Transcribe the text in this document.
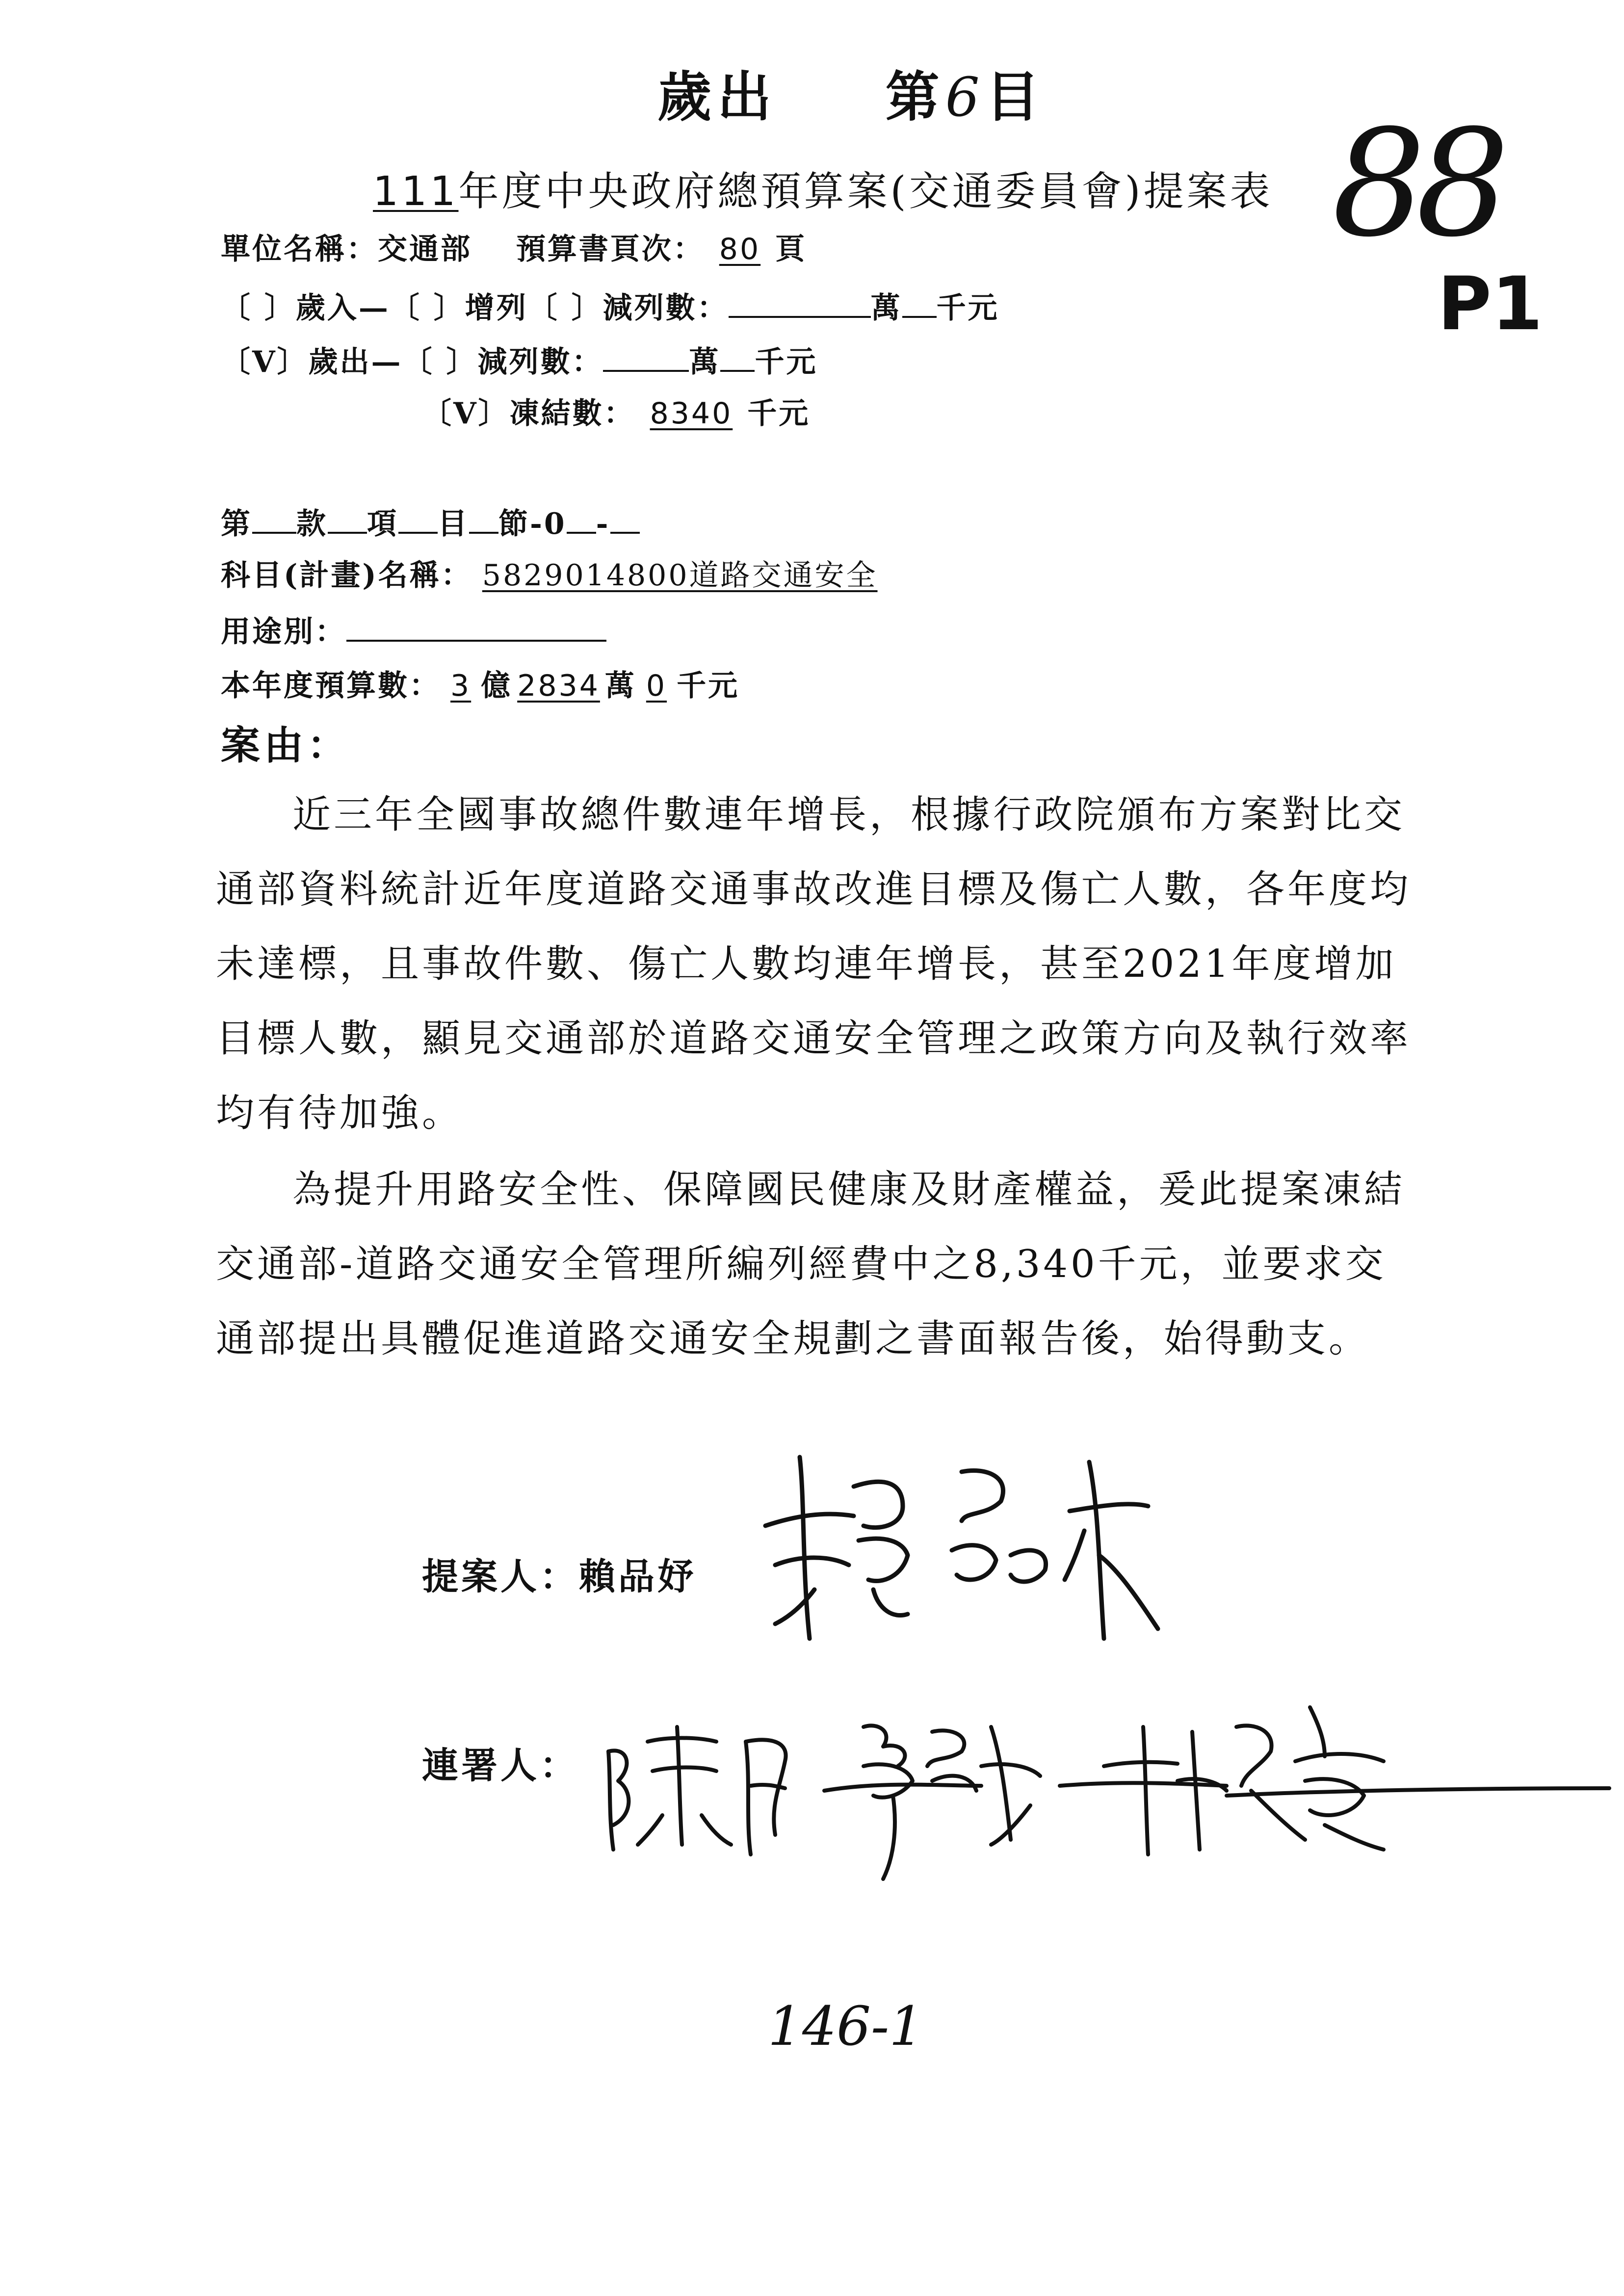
歲出 第6目
111年度中央政府總預算案(交通委員會)提案表 88
P1
單位名稱：交通部 預算書頁次： 80 頁
〔 〕歲入—〔 〕增列〔 〕減列數：	萬 千元
〔V〕歲出—〔 〕減列數：	萬 千元
〔V〕凍結數： 8340 千元
第 款 項 目 節-0 -
科目(計畫)名稱： 5829014800道路交通安全
用途別：
本年度預算數： 3 億 2834 萬 0 千元
案由：

近三年全國事故總件數連年增長，根據行政院頒布方案對比交通部資料統計近年度道路交通事故改進目標及傷亡人數，各年度均未達標，且事故件數、傷亡人數均連年增長，甚至2021年度增加目標人數，顯見交通部於道路交通安全管理之政策方向及執行效率均有待加強。

為提升用路安全性、保障國民健康及財產權益，爰此提案凍結交通部-道路交通安全管理所編列經費中之8,340千元，並要求交通部提出具體促進道路交通安全規劃之書面報告後，始得動支。

提案人：賴品妤
連署人：
146-1
